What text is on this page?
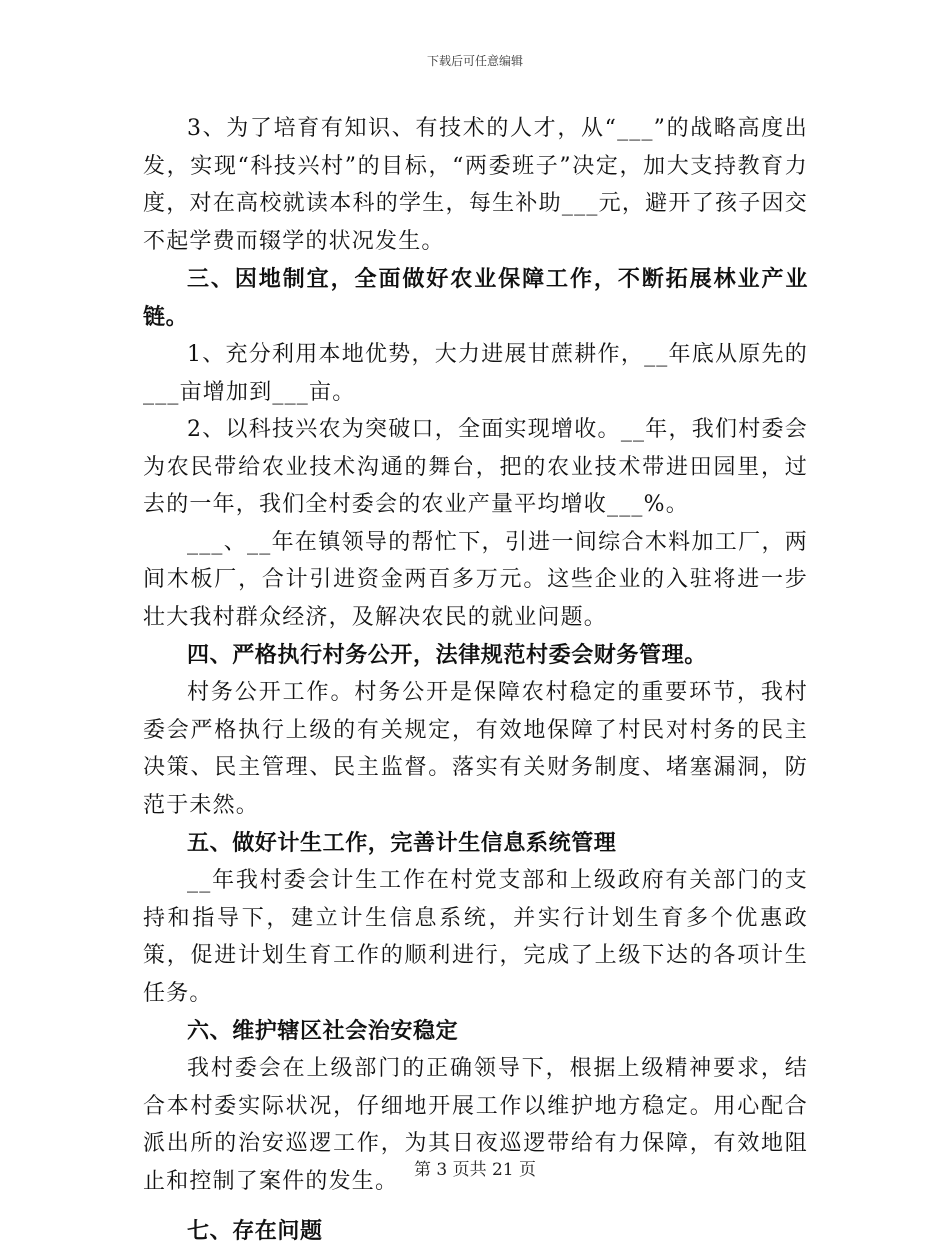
下载后可任意编辑

3、为了培育有知识、有技术的人才，从“___”的战略高度出发，实现“科技兴村”的目标，“两委班子”决定，加大支持教育力度，对在高校就读本科的学生，每生补助___元，避开了孩子因交不起学费而辍学的状况发生。

三、因地制宜，全面做好农业保障工作，不断拓展林业产业链。

1、充分利用本地优势，大力进展甘蔗耕作，__年底从原先的___亩增加到___亩。

2、以科技兴农为突破口，全面实现增收。__年，我们村委会为农民带给农业技术沟通的舞台，把的农业技术带进田园里，过去的一年，我们全村委会的农业产量平均增收___%。

___、__年在镇领导的帮忙下，引进一间综合木料加工厂，两间木板厂，合计引进资金两百多万元。这些企业的入驻将进一步壮大我村群众经济，及解决农民的就业问题。

四、严格执行村务公开，法律规范村委会财务管理。

村务公开工作。村务公开是保障农村稳定的重要环节，我村委会严格执行上级的有关规定，有效地保障了村民对村务的民主决策、民主管理、民主监督。落实有关财务制度、堵塞漏洞，防范于未然。

五、做好计生工作，完善计生信息系统管理

__年我村委会计生工作在村党支部和上级政府有关部门的支持和指导下，建立计生信息系统，并实行计划生育多个优惠政策，促进计划生育工作的顺利进行，完成了上级下达的各项计生任务。

六、维护辖区社会治安稳定

我村委会在上级部门的正确领导下，根据上级精神要求，结合本村委实际状况，仔细地开展工作以维护地方稳定。用心配合派出所的治安巡逻工作，为其日夜巡逻带给有力保障，有效地阻止和控制了案件的发生。

七、存在问题

第 3 页共 21 页
